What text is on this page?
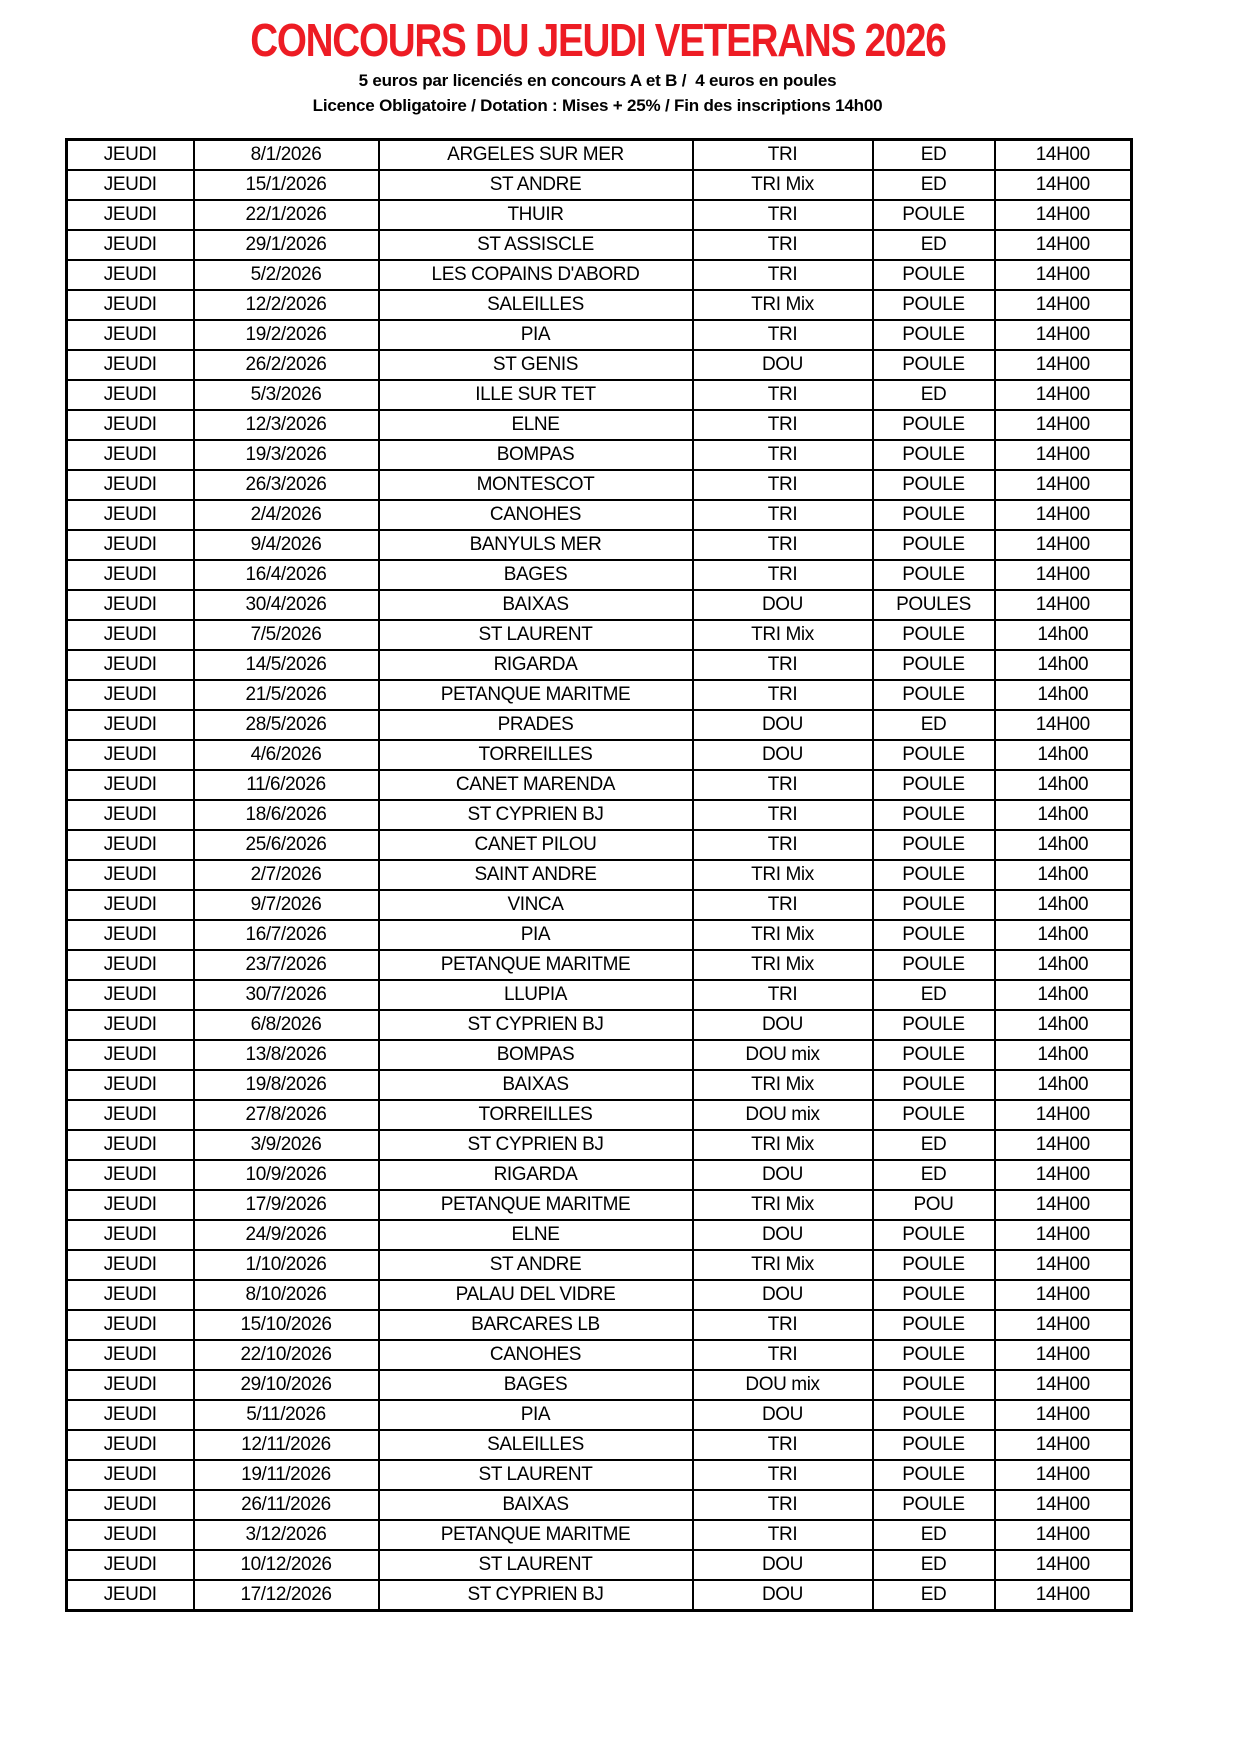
CONCOURS DU JEUDI VETERANS 2026

5 euros par licenciés en concours A et B /  4 euros en poules

Licence Obligatoire / Dotation : Mises + 25% / Fin des inscriptions 14h00

JEUDI	8/1/2026	ARGELES SUR MER	TRI	ED	14H00
JEUDI	15/1/2026	ST ANDRE	TRI Mix	ED	14H00
JEUDI	22/1/2026	THUIR	TRI	POULE	14H00
JEUDI	29/1/2026	ST ASSISCLE	TRI	ED	14H00
JEUDI	5/2/2026	LES COPAINS D'ABORD	TRI	POULE	14H00
JEUDI	12/2/2026	SALEILLES	TRI Mix	POULE	14H00
JEUDI	19/2/2026	PIA	TRI	POULE	14H00
JEUDI	26/2/2026	ST GENIS	DOU	POULE	14H00
JEUDI	5/3/2026	ILLE SUR TET	TRI	ED	14H00
JEUDI	12/3/2026	ELNE	TRI	POULE	14H00
JEUDI	19/3/2026	BOMPAS	TRI	POULE	14H00
JEUDI	26/3/2026	MONTESCOT	TRI	POULE	14H00
JEUDI	2/4/2026	CANOHES	TRI	POULE	14H00
JEUDI	9/4/2026	BANYULS MER	TRI	POULE	14H00
JEUDI	16/4/2026	BAGES	TRI	POULE	14H00
JEUDI	30/4/2026	BAIXAS	DOU	POULES	14H00
JEUDI	7/5/2026	ST LAURENT	TRI Mix	POULE	14h00
JEUDI	14/5/2026	RIGARDA	TRI	POULE	14h00
JEUDI	21/5/2026	PETANQUE MARITME	TRI	POULE	14h00
JEUDI	28/5/2026	PRADES	DOU	ED	14H00
JEUDI	4/6/2026	TORREILLES	DOU	POULE	14h00
JEUDI	11/6/2026	CANET MARENDA	TRI	POULE	14h00
JEUDI	18/6/2026	ST CYPRIEN BJ	TRI	POULE	14h00
JEUDI	25/6/2026	CANET PILOU	TRI	POULE	14h00
JEUDI	2/7/2026	SAINT ANDRE	TRI Mix	POULE	14h00
JEUDI	9/7/2026	VINCA	TRI	POULE	14h00
JEUDI	16/7/2026	PIA	TRI Mix	POULE	14h00
JEUDI	23/7/2026	PETANQUE MARITME	TRI Mix	POULE	14h00
JEUDI	30/7/2026	LLUPIA	TRI	ED	14h00
JEUDI	6/8/2026	ST CYPRIEN BJ	DOU	POULE	14h00
JEUDI	13/8/2026	BOMPAS	DOU mix	POULE	14h00
JEUDI	19/8/2026	BAIXAS	TRI Mix	POULE	14h00
JEUDI	27/8/2026	TORREILLES	DOU mix	POULE	14H00
JEUDI	3/9/2026	ST CYPRIEN BJ	TRI Mix	ED	14H00
JEUDI	10/9/2026	RIGARDA	DOU	ED	14H00
JEUDI	17/9/2026	PETANQUE MARITME	TRI Mix	POU	14H00
JEUDI	24/9/2026	ELNE	DOU	POULE	14H00
JEUDI	1/10/2026	ST ANDRE	TRI Mix	POULE	14H00
JEUDI	8/10/2026	PALAU DEL VIDRE	DOU	POULE	14H00
JEUDI	15/10/2026	BARCARES LB	TRI	POULE	14H00
JEUDI	22/10/2026	CANOHES	TRI	POULE	14H00
JEUDI	29/10/2026	BAGES	DOU mix	POULE	14H00
JEUDI	5/11/2026	PIA	DOU	POULE	14H00
JEUDI	12/11/2026	SALEILLES	TRI	POULE	14H00
JEUDI	19/11/2026	ST LAURENT	TRI	POULE	14H00
JEUDI	26/11/2026	BAIXAS	TRI	POULE	14H00
JEUDI	3/12/2026	PETANQUE MARITME	TRI	ED	14H00
JEUDI	10/12/2026	ST LAURENT	DOU	ED	14H00
JEUDI	17/12/2026	ST CYPRIEN BJ	DOU	ED	14H00
